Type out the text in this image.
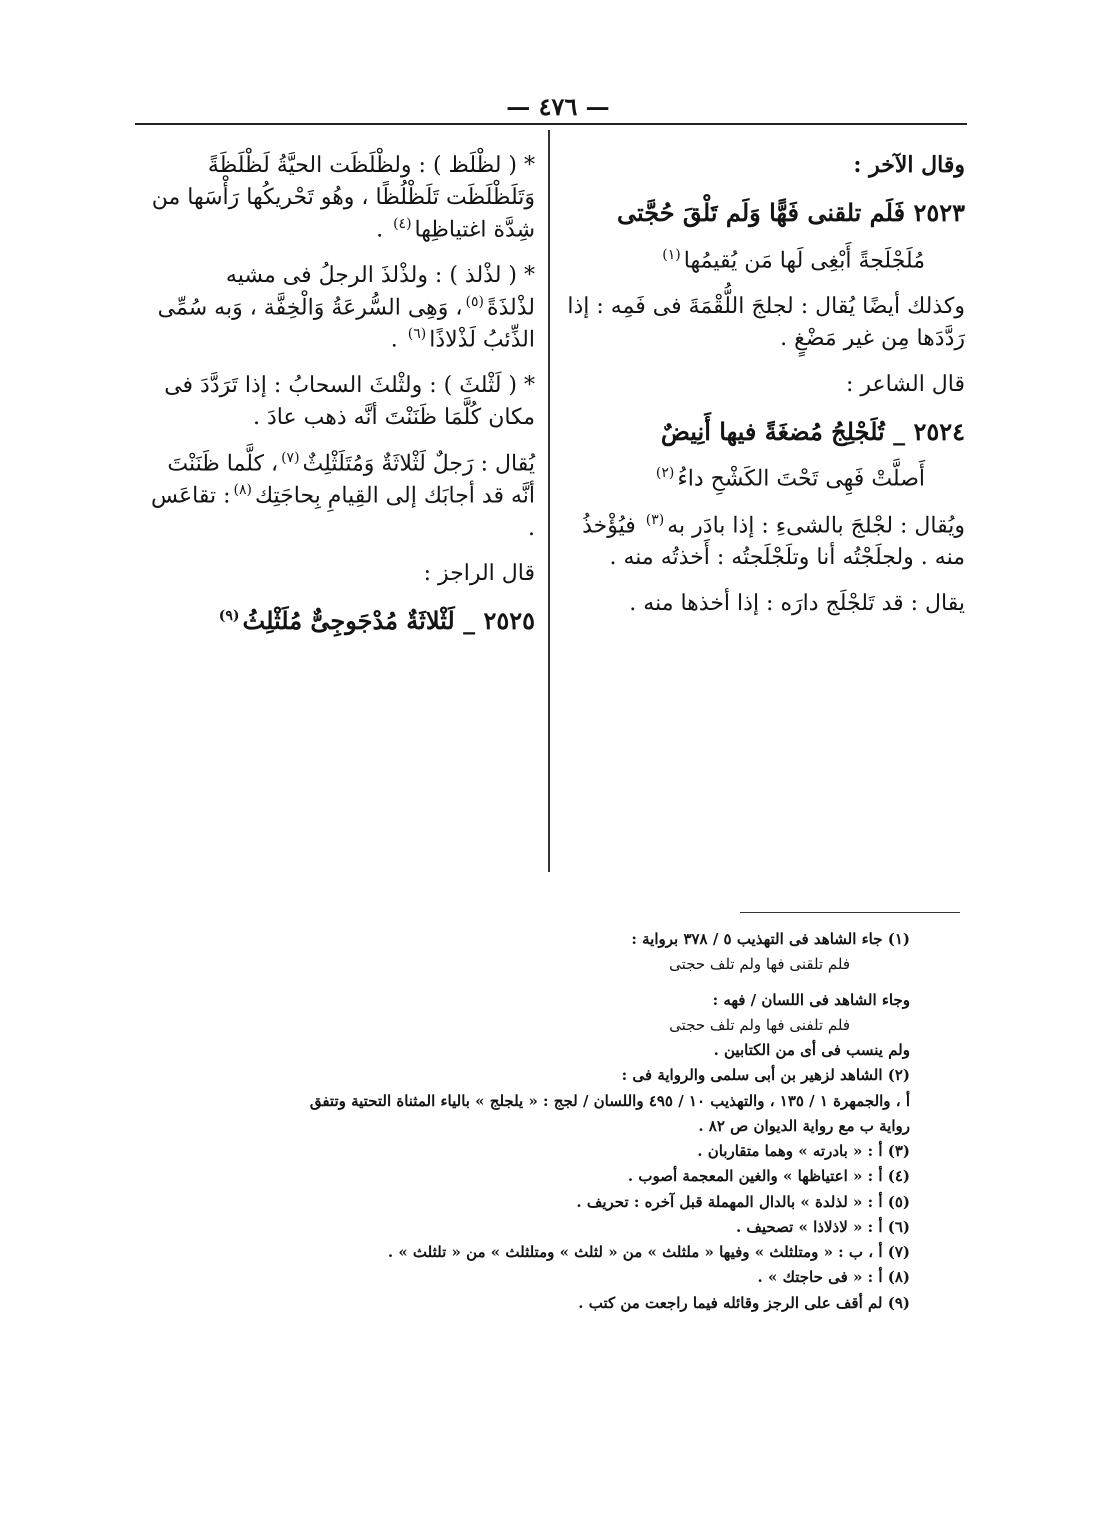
— ٤٧٦ —

وقال الآخر :

٢٥٢٣ فَلَم تلقنى فَهًّا وَلَم تَلْقَ حُجَّتى

مُلَجْلَجةً أَبْغِى لَها مَن يُقيمُها$^{(١)}$

وكذلك أيضًا يُقال : لجلجَ اللُّقْمَةَ فى فَمِه : إذا رَدَّدَها مِن غير مَضْغٍ .

قال الشاعر :

٢٥٢٤ _ تُلَجْلِجُ مُضغَةً فيها أَنِيضٌ

أَصلَّتْ فَهِى تَحْتَ الكَشْحِ داءُ$^{(٢)}$

ويُقال : لجْلجَ بالشىءِ : إذا بادَر به$^{(٣)}$ فيُؤْخذُ منه . ولجلَجْتُه أنا وتلَجْلَجتُه : أَخذتُه منه .

يقال : قد تَلجْلَج دارَه : إذا أخذها منه .

* ( لظْلَظ ) : ولظْلَظَت الحيَّةُ لَظْلَظَةً وَتَلَظْلَظَت تَلَظْلُظًا ، وهُو تَحْريكُها رَأْسَها من شِدَّة اغتياظِها$^{(٤)}$ .

* ( لذْلذ ) : ولذْلذَ الرجلُ فى مشيه لذْلذَةً$^{(٥)}$، وَهِى السُّرعَةُ وَالْخِفَّة ، وَبه سُمِّى الذِّئبُ لَذْلاذًا$^{(٦)}$ .

* ( لَثْلثَ ) : ولثْلثَ السحابُ : إذا تَرَدَّدَ فى مكان كُلَّمَا ظَنَنْتَ أنَّه ذهب عادَ .

يُقال : رَجلٌ لَثْلاثَةٌ وَمُتَلَثْلِثٌ$^{(٧)}$، كلَّما ظَنَنْتَ أنَّه قد أجابَك إلى القِيامِ بِحاجَتِك$^{(٨)}$: تقاعَس .

قال الراجز :

٢٥٢٥ _ لَثْلاثَةٌ مُدْجَوجِىٌّ مُلَثْلِثُ$^{(٩)}$

(١) جاء الشاهد فى التهذيب ٥ / ٣٧٨ برواية :

فلم تلقنى فها ولم تلف حجتى

وجاء الشاهد فى اللسان / فهه :

فلم تلفنى فها ولم تلف حجتى

ولم ينسب فى أى من الكتابين .

(٢) الشاهد لزهير بن أبى سلمى والرواية فى :

أ ، والجمهرة ١ / ١٣٥ ، والتهذيب ١٠ / ٤٩٥ واللسان / لجج : « يلجلج » بالياء المثناة التحتية وتتفق

رواية ب مع رواية الديوان ص ٨٢ .

(٣) أ : « بادرته » وهما متقاربان .

(٤) أ : « اعتياظها » والغين المعجمة أصوب .

(٥) أ : « لذلدة » بالدال المهملة قبل آخره : تحريف .

(٦) أ : « لاذلاذا » تصحيف .

(٧) أ ، ب : « ومتلثلث » وفيها « ملثلث » من « لثلث » ومتلثلث » من « تلثلث » .

(٨) أ : « فى حاجتك » .

(٩) لم أقف على الرجز وقائله فيما راجعت من كتب .
